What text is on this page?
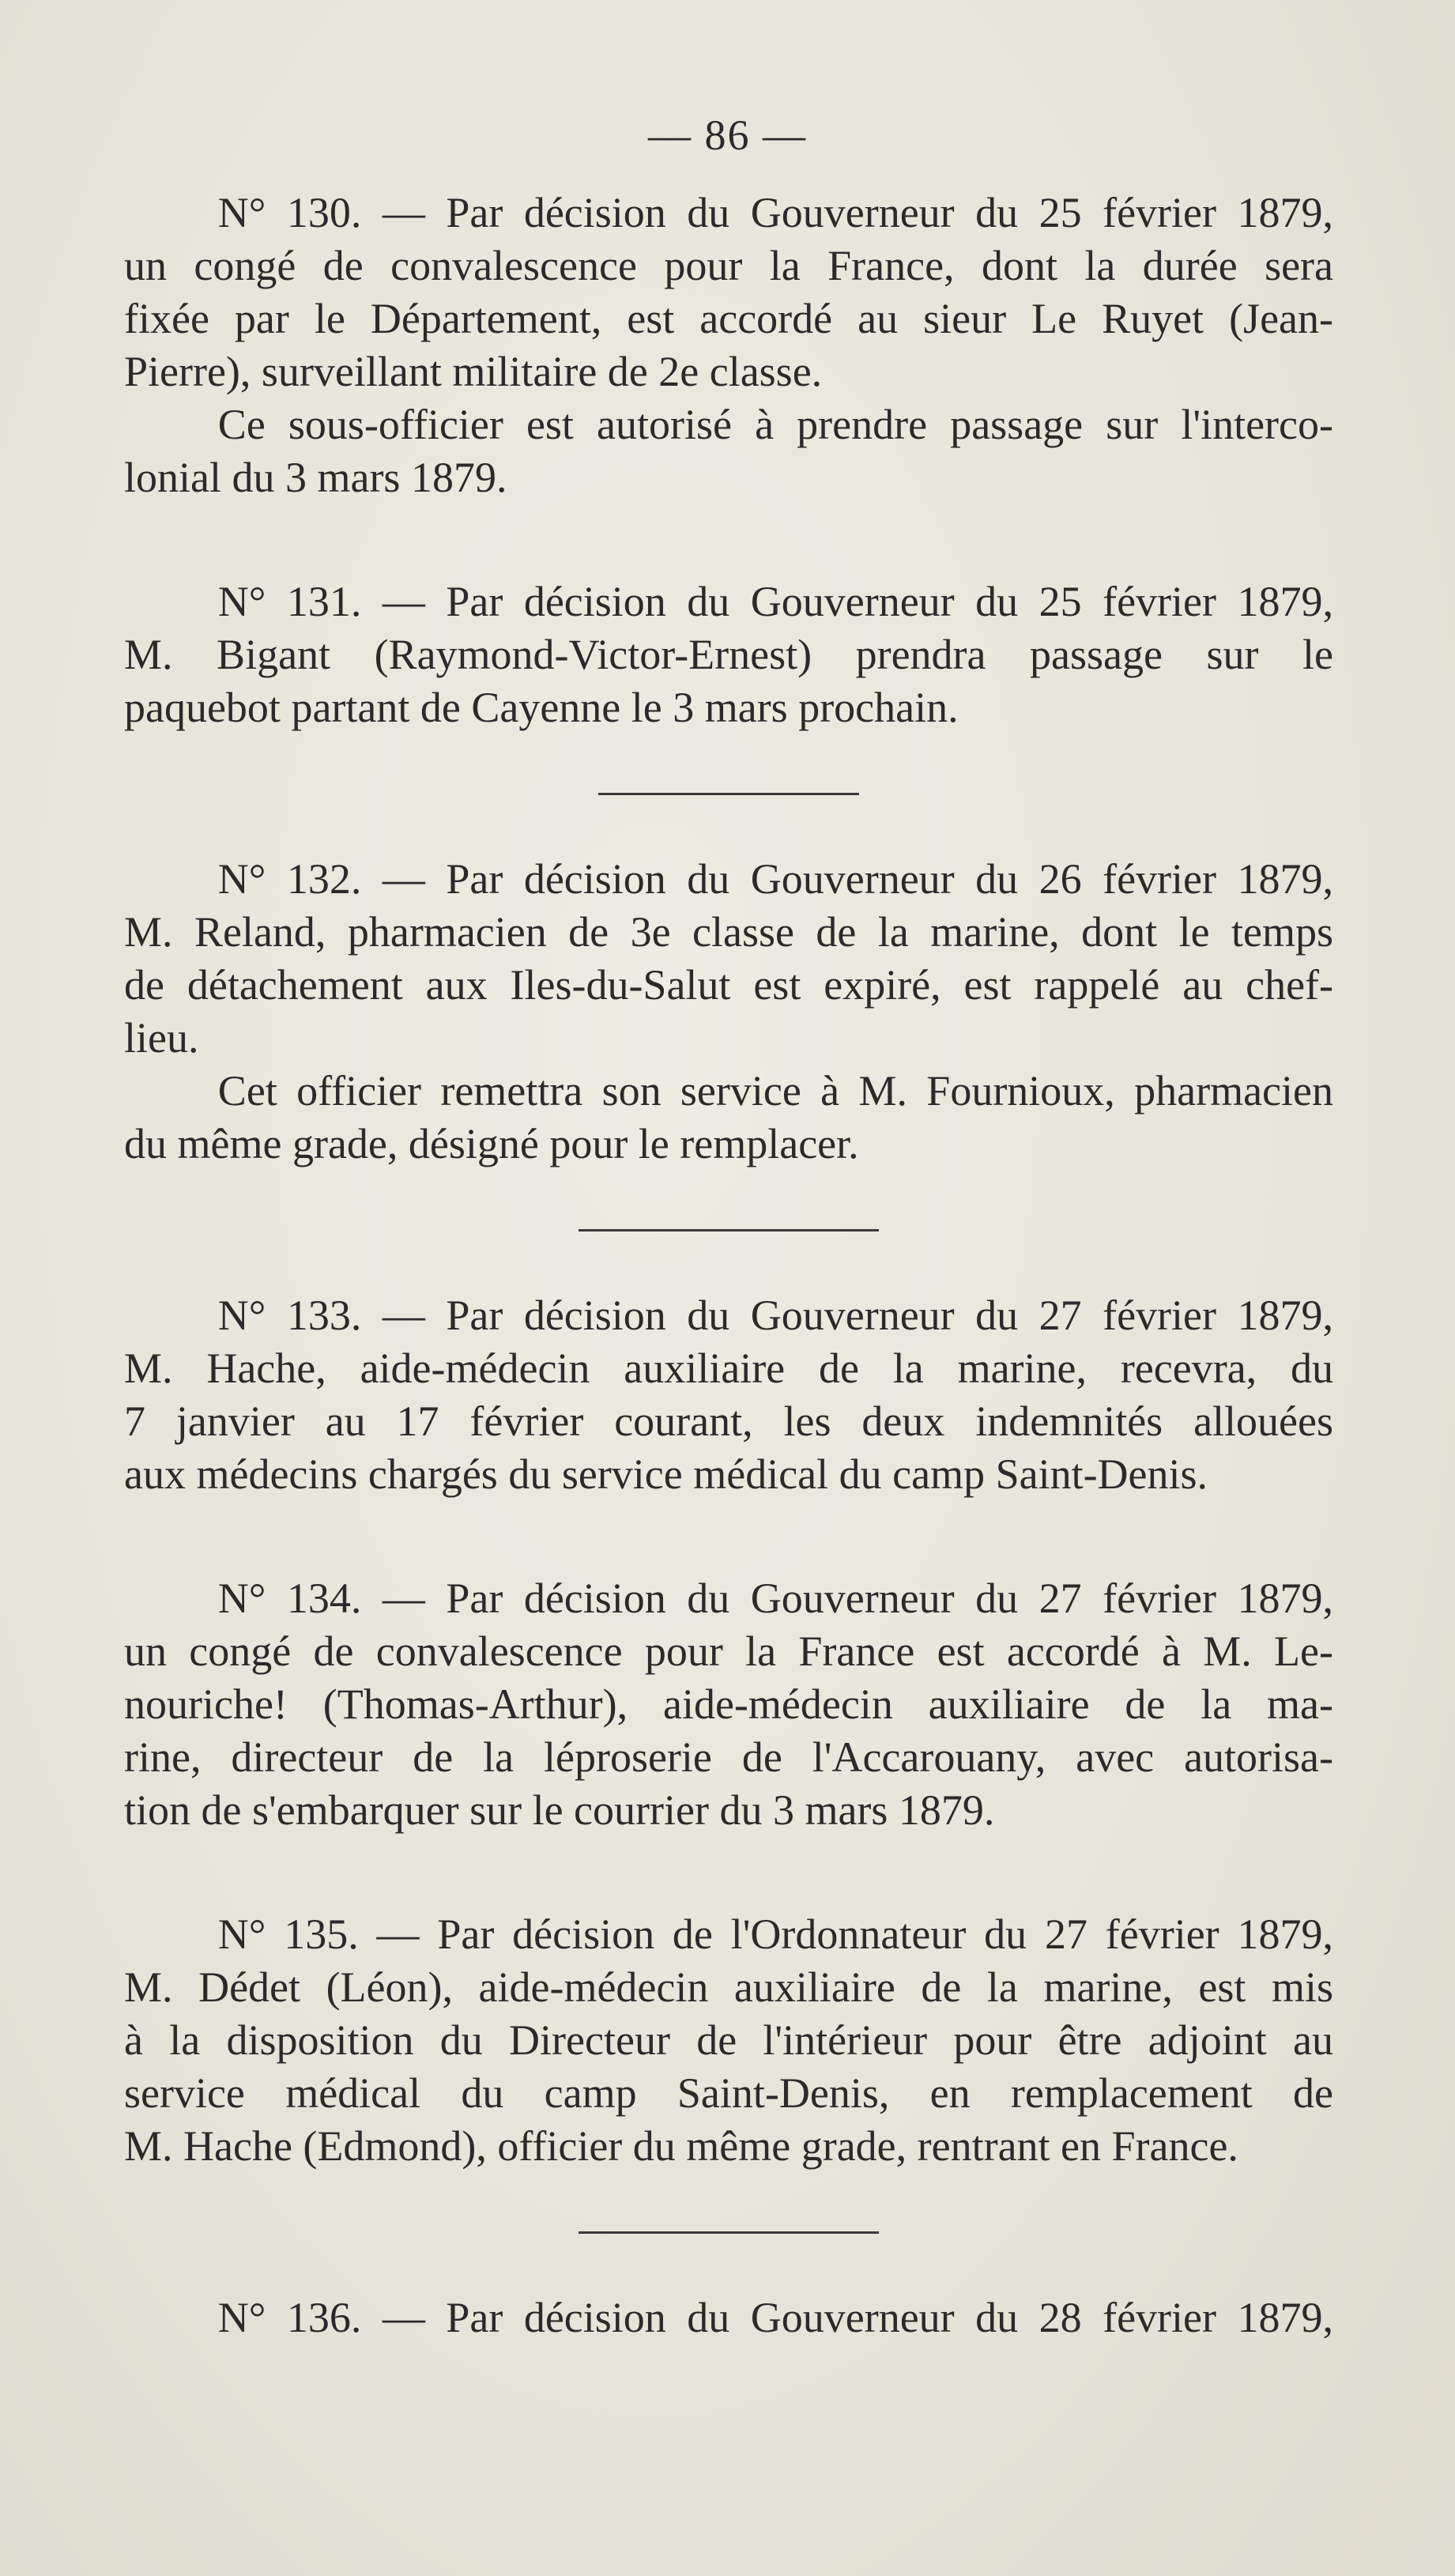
— 86 —

N° 130. — Par décision du Gouverneur du 25 février 1879,

un congé de convalescence pour la France, dont la durée sera

fixée par le Département, est accordé au sieur Le Ruyet (Jean-

Pierre), surveillant militaire de 2e classe.

Ce sous-officier est autorisé à prendre passage sur l'interco-

lonial du 3 mars 1879.

N° 131. — Par décision du Gouverneur du 25 février 1879,

M. Bigant (Raymond-Victor-Ernest) prendra passage sur le

paquebot partant de Cayenne le 3 mars prochain.

N° 132. — Par décision du Gouverneur du 26 février 1879,

M. Reland, pharmacien de 3e classe de la marine, dont le temps

de détachement aux Iles-du-Salut est expiré, est rappelé au chef-

lieu.

Cet officier remettra son service à M. Fournioux, pharmacien

du même grade, désigné pour le remplacer.

N° 133. — Par décision du Gouverneur du 27 février 1879,

M. Hache, aide-médecin auxiliaire de la marine, recevra, du

7 janvier au 17 février courant, les deux indemnités allouées

aux médecins chargés du service médical du camp Saint-Denis.

N° 134. — Par décision du Gouverneur du 27 février 1879,

un congé de convalescence pour la France est accordé à M. Le-

nouriche! (Thomas-Arthur), aide-médecin auxiliaire de la ma-

rine, directeur de la léproserie de l'Accarouany, avec autorisa-

tion de s'embarquer sur le courrier du 3 mars 1879.

N° 135. — Par décision de l'Ordonnateur du 27 février 1879,

M. Dédet (Léon), aide-médecin auxiliaire de la marine, est mis

à la disposition du Directeur de l'intérieur pour être adjoint au

service médical du camp Saint-Denis, en remplacement de

M. Hache (Edmond), officier du même grade, rentrant en France.

N° 136. — Par décision du Gouverneur du 28 février 1879,
